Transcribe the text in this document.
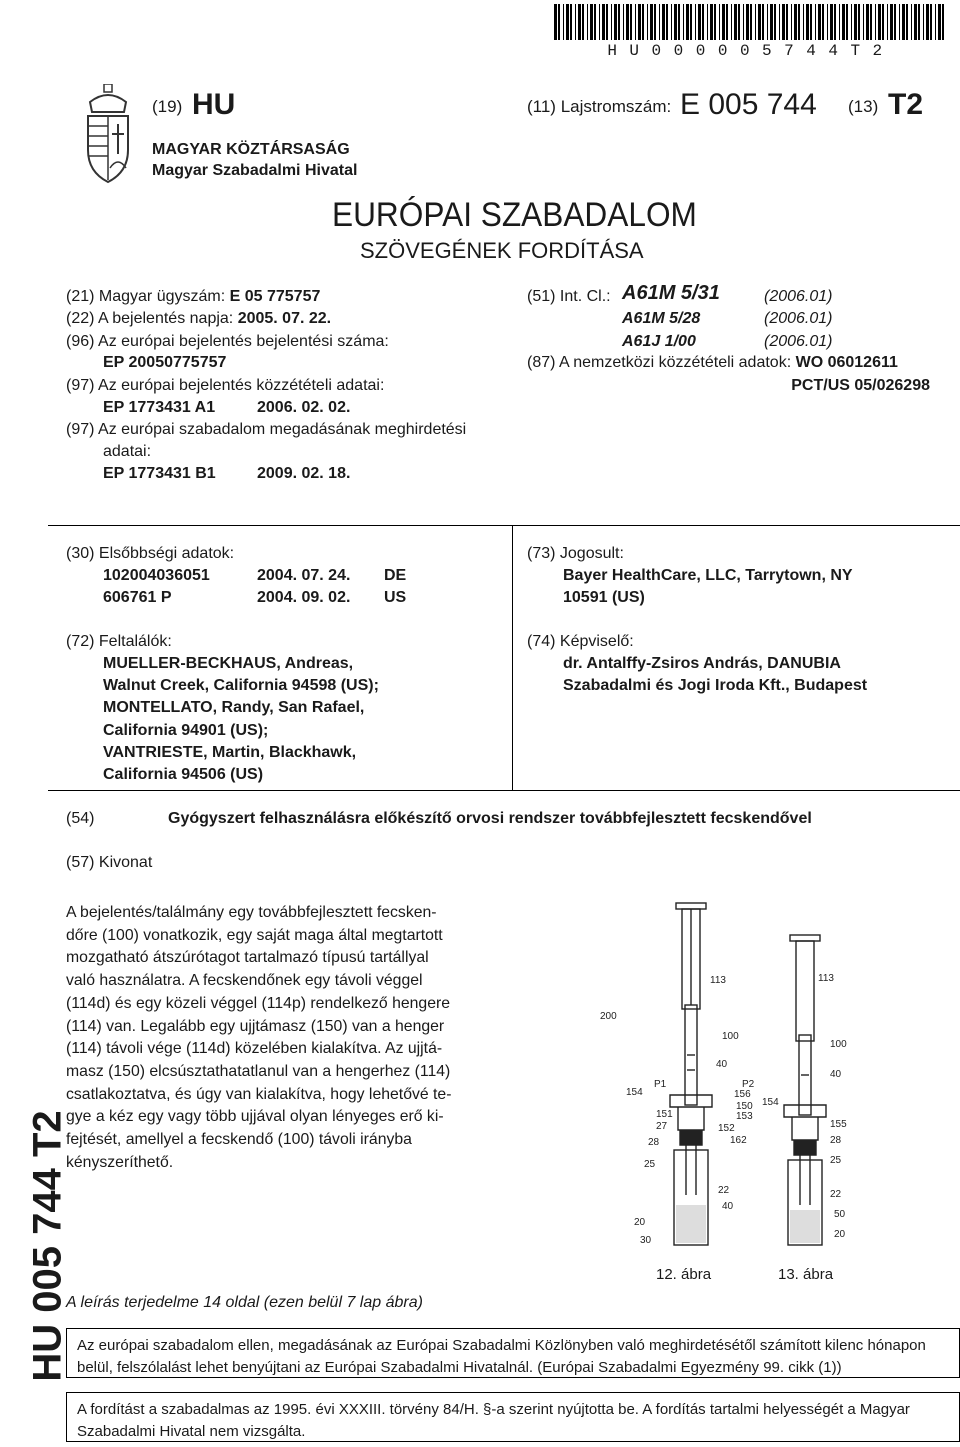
HU000005744T2
(19) HU	(11) Lajstromszám: E 005 744 (13) T2
MAGYAR KÖZTÁRSASÁG
Magyar Szabadalmi Hivatal
EURÓPAI SZABADALOM
SZÖVEGÉNEK FORDÍTÁSA
(21) Magyar ügyszám: E 05 775757
(22) A bejelentés napja: 2005. 07. 22.
(96) Az európai bejelentés bejelentési száma:
EP 20050775757
(97) Az európai bejelentés közzétételi adatai:
EP 1773431 A1	2006. 02. 02.
(97) Az európai szabadalom megadásának meghirdetési
adatai:
EP 1773431 B1	2009. 02. 18.
(51) Int. Cl.: A61M 5/31	(2006.01)
A61M 5/28	(2006.01)
A61J 1/00	(2006.01)
(87) A nemzetközi közzétételi adatok: WO 06012611
PCT/US 05/026298
(30) Elsőbbségi adatok:
102004036051	2004. 07. 24. DE
606761 P	2004. 09. 02. US
(72) Feltalálók:
MUELLER-BECKHAUS, Andreas,
Walnut Creek, California 94598 (US);
MONTELLATO, Randy, San Rafael,
California 94901 (US);
VANTRIESTE, Martin, Blackhawk,
California 94506 (US)
(73) Jogosult:
Bayer HealthCare, LLC, Tarrytown, NY
10591 (US)
(74) Képviselő:
dr. Antalffy-Zsiros András, DANUBIA
Szabadalmi és Jogi Iroda Kft., Budapest
(54)	Gyógyszert felhasználásra előkészítő orvosi rendszer továbbfejlesztett fecskendővel
(57) Kivonat
A bejelentés/találmány egy továbbfejlesztett fecsken-
dőre (100) vonatkozik, egy saját maga által megtartott
mozgatható átszúrótagot tartalmazó típusú tartállyal
való használatra. A fecskendőnek egy távoli véggel
(114d) és egy közeli véggel (114p) rendelkező hengere
(114) van. Legalább egy ujjtámasz (150) van a henger
(114) távoli vége (114d) közelében kialakítva. Az ujjtá-
masz (150) elcsúsztathatatlanul van a hengerhez (114)
csatlakoztatva, és úgy van kialakítva, hogy lehetővé te-
gye a kéz egy vagy több ujjával olyan lényeges erő ki-
fejtését, amellyel a fecskendő (100) távoli irányba
kényszeríthető.
A leírás terjedelme 14 oldal (ezen belül 7 lap ábra)
113	113
200
100
100
40
40
154
P1	P2
156
150
151	153
154
27	152
162
155
28	28
25	25
22	22
20
40
30
50
20
12. ábra	13. ábra
HU 005 744 T2 Az európai szabadalom ellen, megadásának az Európai Szabadalmi Közlönyben való meghirdetésétől számított kilenc hónapon belül, felszólalást lehet benyújtani az Európai Szabadalmi Hivatalnál. (Európai Szabadalmi Egyezmény 99. cikk (1))
A fordítást a szabadalmas az 1995. évi XXXIII. törvény 84/H. §-a szerint nyújtotta be. A fordítás tartalmi helyességét a Magyar Szabadalmi Hivatal nem vizsgálta.
